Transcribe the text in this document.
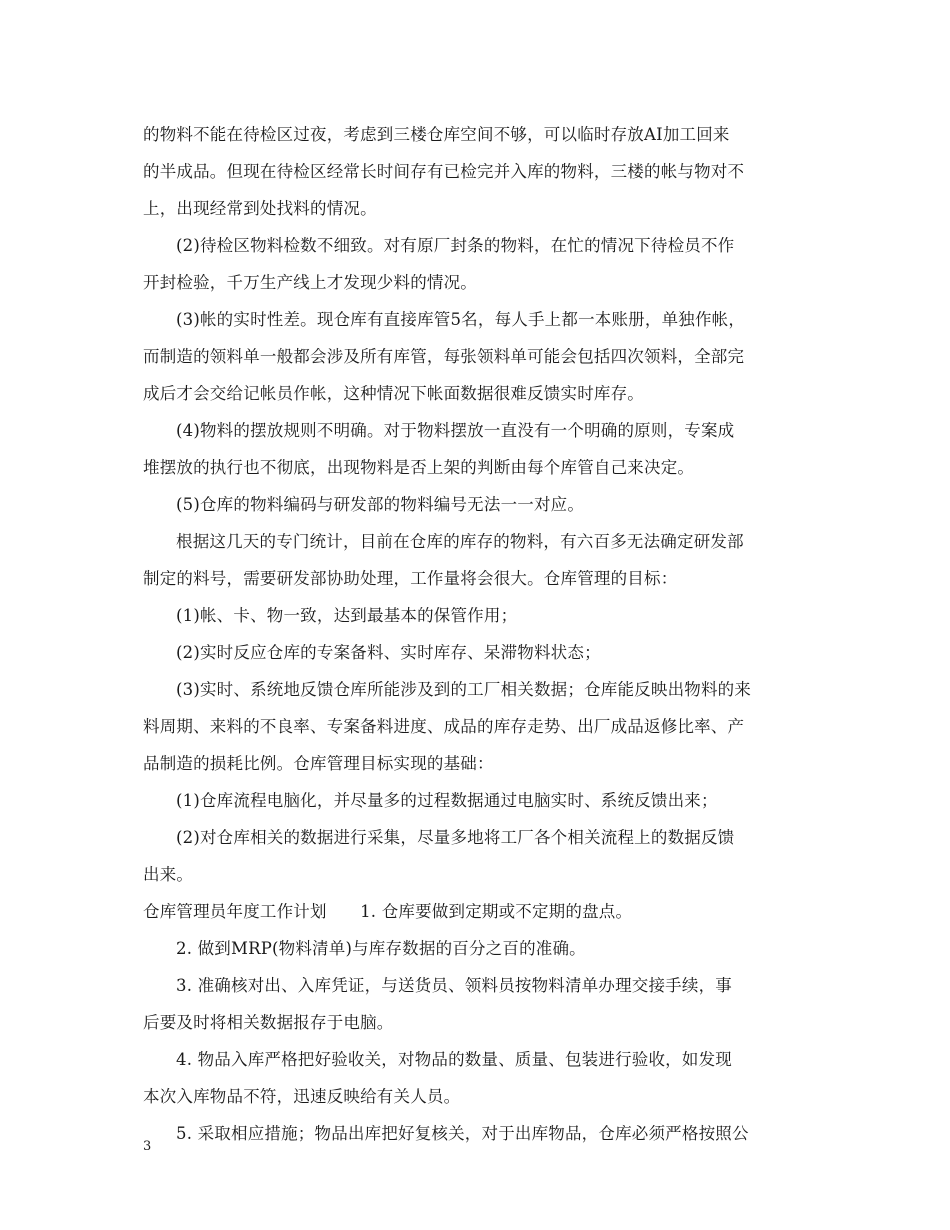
的物料不能在待检区过夜，考虑到三楼仓库空间不够，可以临时存放AI加工回来
的半成品。但现在待检区经常长时间存有已检完并入库的物料，三楼的帐与物对不
上，出现经常到处找料的情况。
(2)待检区物料检数不细致。对有原厂封条的物料，在忙的情况下待检员不作
开封检验，千万生产线上才发现少料的情况。
(3)帐的实时性差。现仓库有直接库管5名，每人手上都一本账册，单独作帐，
而制造的领料单一般都会涉及所有库管，每张领料单可能会包括四次领料，全部完
成后才会交给记帐员作帐，这种情况下帐面数据很难反馈实时库存。
(4)物料的摆放规则不明确。对于物料摆放一直没有一个明确的原则，专案成
堆摆放的执行也不彻底，出现物料是否上架的判断由每个库管自己来决定。
(5)仓库的物料编码与研发部的物料编号无法一一对应。
根据这几天的专门统计，目前在仓库的库存的物料，有六百多无法确定研发部
制定的料号，需要研发部协助处理，工作量将会很大。仓库管理的目标：
(1)帐、卡、物一致，达到最基本的保管作用；
(2)实时反应仓库的专案备料、实时库存、呆滞物料状态；
(3)实时、系统地反馈仓库所能涉及到的工厂相关数据；仓库能反映出物料的来
料周期、来料的不良率、专案备料进度、成品的库存走势、出厂成品返修比率、产
品制造的损耗比例。仓库管理目标实现的基础：
(1)仓库流程电脑化，并尽量多的过程数据通过电脑实时、系统反馈出来；
(2)对仓库相关的数据进行采集，尽量多地将工厂各个相关流程上的数据反馈
出来。
仓库管理员年度工作计划　　1. 仓库要做到定期或不定期的盘点。
2. 做到MRP(物料清单)与库存数据的百分之百的准确。
3. 准确核对出、入库凭证，与送货员、领料员按物料清单办理交接手续，事
后要及时将相关数据报存于电脑。
4. 物品入库严格把好验收关，对物品的数量、质量、包装进行验收，如发现
本次入库物品不符，迅速反映给有关人员。
5. 采取相应措施；物品出库把好复核关，对于出库物品，仓库必须严格按照公
3
